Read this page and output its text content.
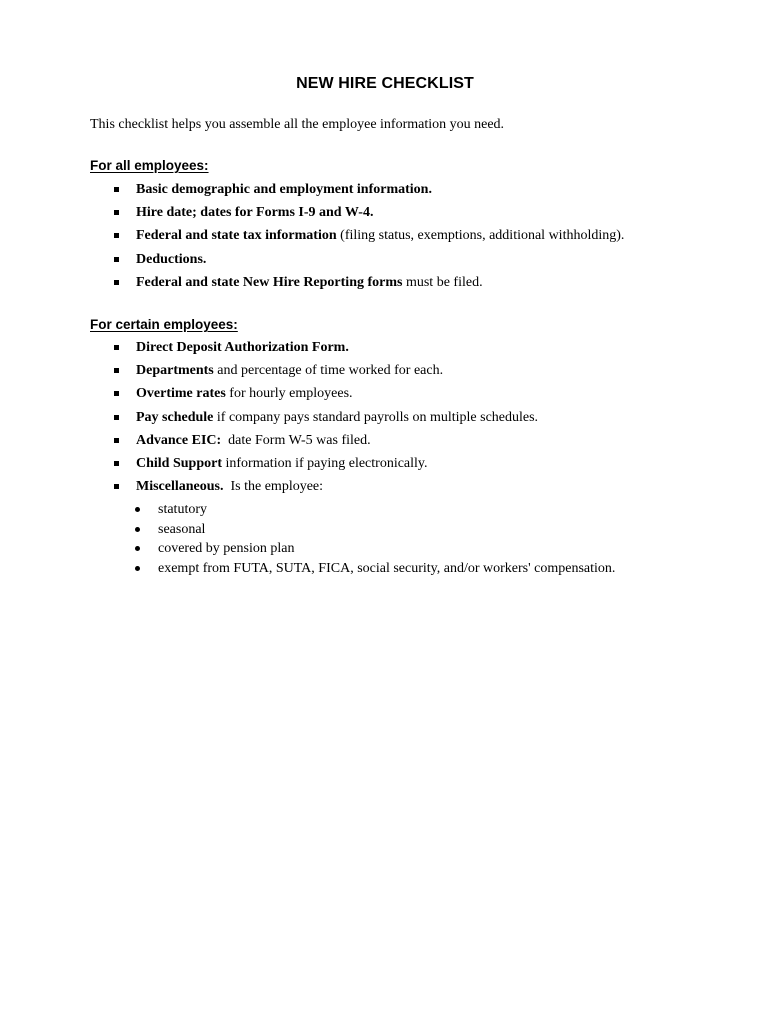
NEW HIRE CHECKLIST
This checklist helps you assemble all the employee information you need.
For all employees:
Basic demographic and employment information.
Hire date; dates for Forms I-9 and W-4.
Federal and state tax information (filing status, exemptions, additional withholding).
Deductions.
Federal and state New Hire Reporting forms must be filed.
For certain employees:
Direct Deposit Authorization Form.
Departments and percentage of time worked for each.
Overtime rates for hourly employees.
Pay schedule if company pays standard payrolls on multiple schedules.
Advance EIC:  date Form W-5 was filed.
Child Support information if paying electronically.
Miscellaneous.  Is the employee:
statutory
seasonal
covered by pension plan
exempt from FUTA, SUTA, FICA, social security, and/or workers' compensation.
